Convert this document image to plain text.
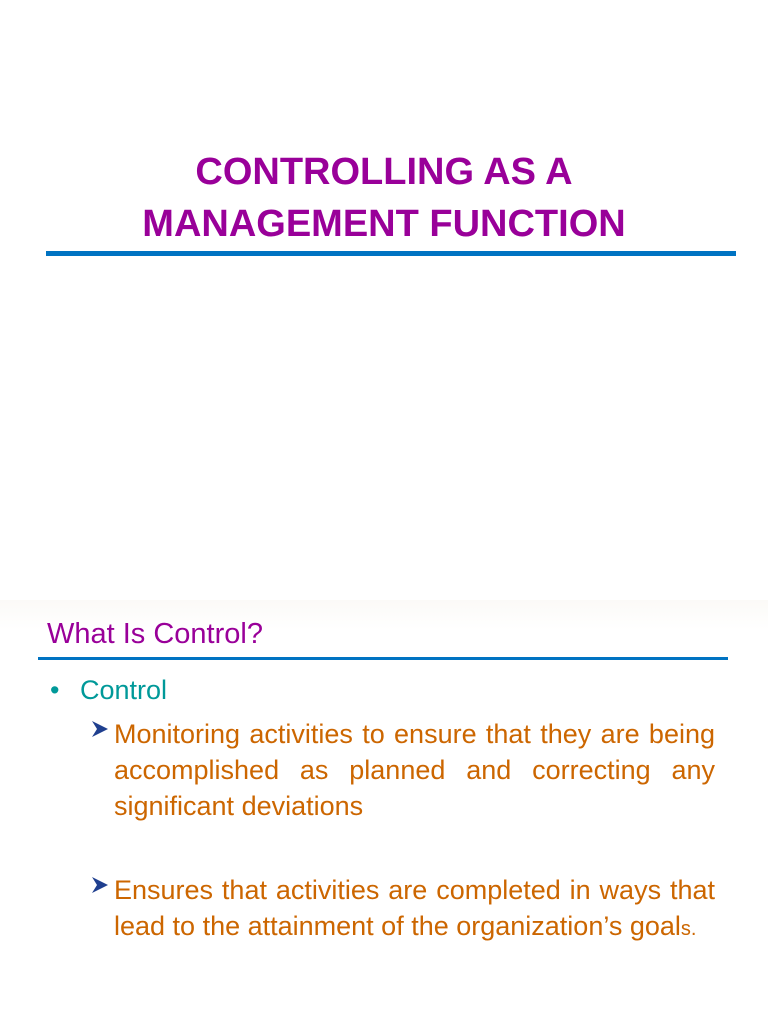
CONTROLLING AS A
MANAGEMENT FUNCTION
What Is Control?
• Control
Monitoring activities to ensure that they are being accomplished as planned and correcting any significant deviations
Ensures that activities are completed in ways that lead to the attainment of the organization’s goals.
